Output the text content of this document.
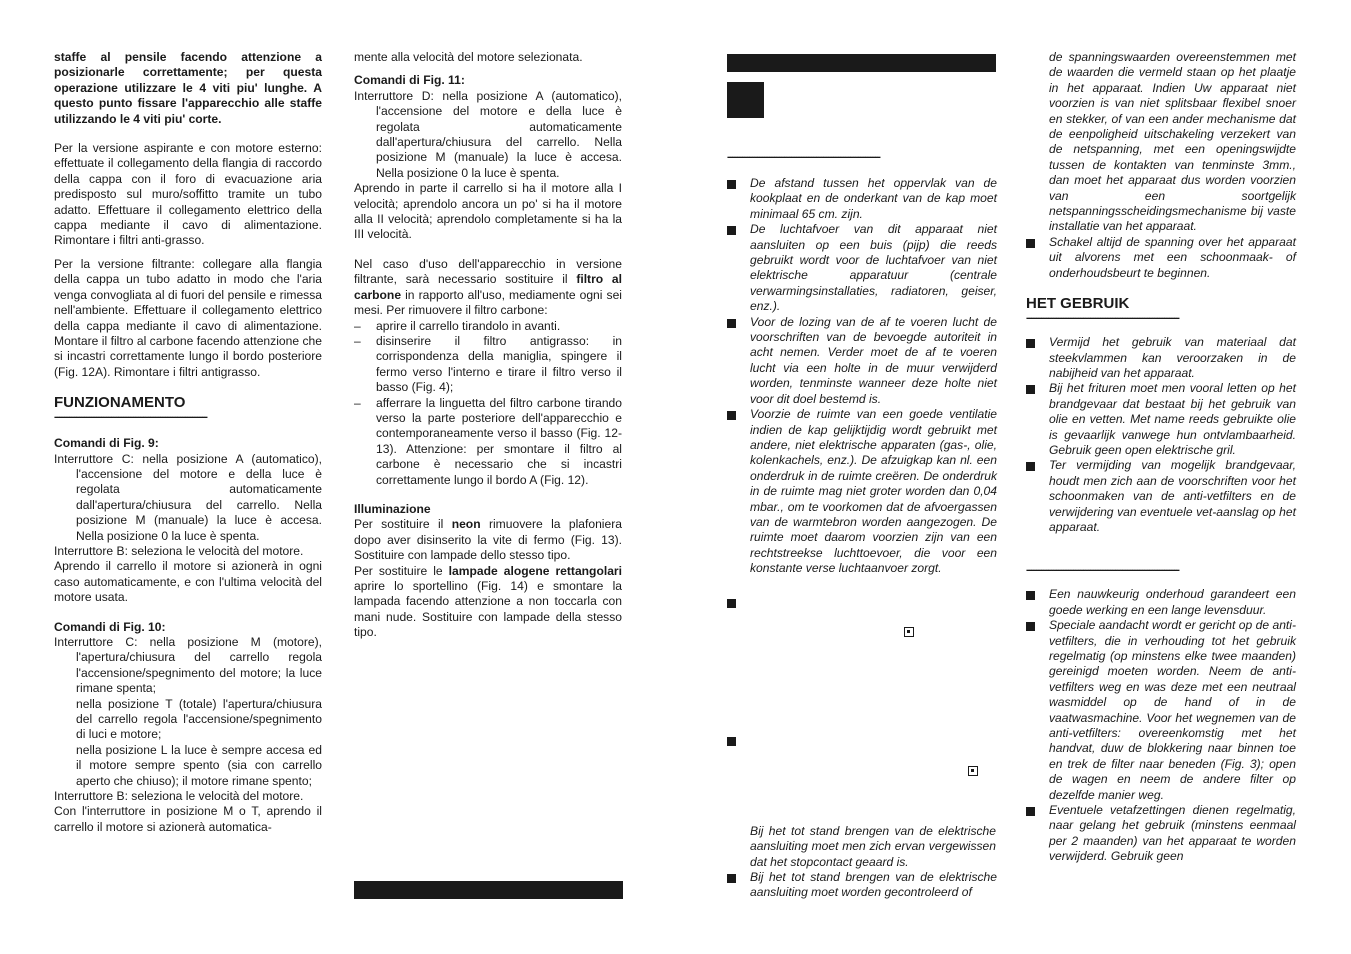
staffe al pensile facendo attenzione a posizionarle correttamente; per questa operazione utilizzare le 4 viti piu' lunghe. A questo punto fissare l'apparecchio alle staffe utilizzando le 4 viti piu' corte.

Per la versione aspirante e con motore esterno: effettuate il collegamento della flangia di raccordo della cappa con il foro di evacuazione aria predisposto sul muro/soffitto tramite un tubo adatto. Effettuare il collegamento elettrico della cappa mediante il cavo di alimentazione. Rimontare i filtri anti-grasso.

Per la versione filtrante: collegare alla flangia della cappa un tubo adatto in modo che l'aria venga convogliata al di fuori del pensile e rimessa nell'ambiente. Effettuare il collegamento elettrico della cappa mediante il cavo di alimentazione. Montare il filtro al carbone facendo attenzione che si incastri correttamente lungo il bordo posteriore (Fig. 12A). Rimontare i filtri antigrasso.

FUNZIONAMENTO

--------------------------------------------------------------

Comandi di Fig. 9:

Interruttore C: nella posizione A (automatico), l'accensione del motore e della luce è regolata automaticamente dall'apertura/chiusura del carrello. Nella posizione M (manuale) la luce è accesa. Nella posizione 0 la luce è spenta.

Interruttore B: seleziona le velocità del motore.

Aprendo il carrello il motore si azionerà in ogni caso automaticamente, e con l'ultima velocità del motore usata.

Comandi di Fig. 10:

Interruttore C: nella posizione M (motore), l'apertura/chiusura del carrello regola l'accensione/spegnimento del motore; la luce rimane spenta;

nella posizione T (totale) l'apertura/chiusura del carrello regola l'accensione/spegnimento di luci e motore;

nella posizione L la luce è sempre accesa ed il motore sempre spento (sia con carrello aperto che chiuso); il motore rimane spento;

Interruttore B: seleziona le velocità del motore.

Con l'interruttore in posizione M o T, aprendo il carrello il motore si azionerà automatica-

mente alla velocità del motore selezionata.

Comandi di Fig. 11:

Interruttore D: nella posizione A (automatico), l'accensione del motore e della luce è regolata automaticamente dall'apertura/chiusura del carrello. Nella posizione M (manuale) la luce è accesa. Nella posizione 0 la luce è spenta.

Aprendo in parte il carrello si ha il motore alla I velocità; aprendolo ancora un po' si ha il motore alla II velocità; aprendolo completamente si ha la III velocità.

Nel caso d'uso dell'apparecchio in versione filtrante, sarà necessario sostituire il filtro al carbone in rapporto all'uso, mediamente ogni sei mesi. Per rimuovere il filtro carbone:

–	aprire il carrello tirandolo in avanti.
–	disinserire il filtro antigrasso: in corrispondenza della maniglia, spingere il fermo verso l'interno e tirare il filtro verso il basso (Fig. 4);
–	afferrare la linguetta del filtro carbone tirando verso la parte posteriore dell'apparecchio e contemporaneamente verso il basso (Fig. 12-13). Attenzione: per smontare il filtro al carbone è necessario che si incastri correttamente lungo il bordo A (Fig. 12).

Illuminazione

Per sostituire il neon rimuovere la plafoniera dopo aver disinserito la vite di fermo (Fig. 13). Sostituire con lampade dello stesso tipo.

Per sostituire le lampade alogene rettangolari aprire lo sportellino (Fig. 14) e smontare la lampada facendo attenzione a non toccarla con mani nude. Sostituire con lampade della stesso tipo.

--------------------------------------------------------------
De afstand tussen het oppervlak van de kookplaat en de onderkant van de kap moet minimaal 65 cm. zijn.
De luchtafvoer van dit apparaat niet aansluiten op een buis (pijp) die reeds gebruikt wordt voor de luchtafvoer van niet elektrische apparatuur (centrale verwarmingsinstallaties, radiatoren, geiser, enz.).
Voor de lozing van de af te voeren lucht de voorschriften van de bevoegde autoriteit in acht nemen. Verder moet de af te voeren lucht via een holte in de muur verwijderd worden, tenminste wanneer deze holte niet voor dit doel bestemd is.
Voorzie de ruimte van een goede ventilatie indien de kap gelijktijdig wordt gebruikt met andere, niet elektrische apparaten (gas-, olie, kolenkachels, enz.). De afzuigkap kan nl. een onderdruk in de ruimte creëren. De onderdruk in de ruimte mag niet groter worden dan 0,04 mbar., om te voorkomen dat de afvoergassen van de warmtebron worden aangezogen. De ruimte moet daarom voorzien zijn van een rechtstreekse luchttoevoer, die voor een konstante verse luchtaanvoer zorgt.
Bij het tot stand brengen van de elektrische aansluiting moet men zich ervan vergewissen dat het stopcontact geaard is.
Bij het tot stand brengen van de elektrische aansluiting moet worden gecontroleerd of

de spanningswaarden overeenstemmen met de waarden die vermeld staan op het plaatje in het apparaat. Indien Uw apparaat niet voorzien is van niet splitsbaar flexibel snoer en stekker, of van een ander mechanisme dat de eenpoligheid uitschakeling verzekert van de netspanning, met een openingswijdte tussen de kontakten van tenminste 3mm., dan moet het apparaat dus worden voorzien van een soortgelijk netspanningsscheidingsmechanisme bij vaste installatie van het apparaat.

Schakel altijd de spanning over het apparaat uit alvorens met een schoonmaak- of onderhoudsbeurt te beginnen.

HET GEBRUIK

--------------------------------------------------------------
Vermijd het gebruik van materiaal dat steekvlammen kan veroorzaken in de nabijheid van het apparaat.
Bij het frituren moet men vooral letten op het brandgevaar dat bestaat bij het gebruik van olie en vetten. Met name reeds gebruikte olie is gevaarlijk vanwege hun ontvlambaarheid. Gebruik geen open elektrische gril.
Ter vermijding van mogelijk brandgevaar, houdt men zich aan de voorschriften voor het schoonmaken van de anti-vetfilters en de verwijdering van eventuele vet-aanslag op het apparaat.
--------------------------------------------------------------
Een nauwkeurig onderhoud garandeert een goede werking en een lange levensduur.
Speciale aandacht wordt er gericht op de anti-vetfilters, die in verhouding tot het gebruik regelmatig (op minstens elke twee maanden) gereinigd moeten worden. Neem de anti-vetfilters weg en was deze met een neutraal wasmiddel op de hand of in de vaatwasmachine. Voor het wegnemen van de anti-vetfilters: overeenkomstig met het handvat, duw de blokkering naar binnen toe en trek de filter naar beneden (Fig. 3); open de wagen en neem de andere filter op dezelfde manier weg.
Eventuele vetafzettingen dienen regelmatig, naar gelang het gebruik (minstens eenmaal per 2 maanden) van het apparaat te worden verwijderd. Gebruik geen
